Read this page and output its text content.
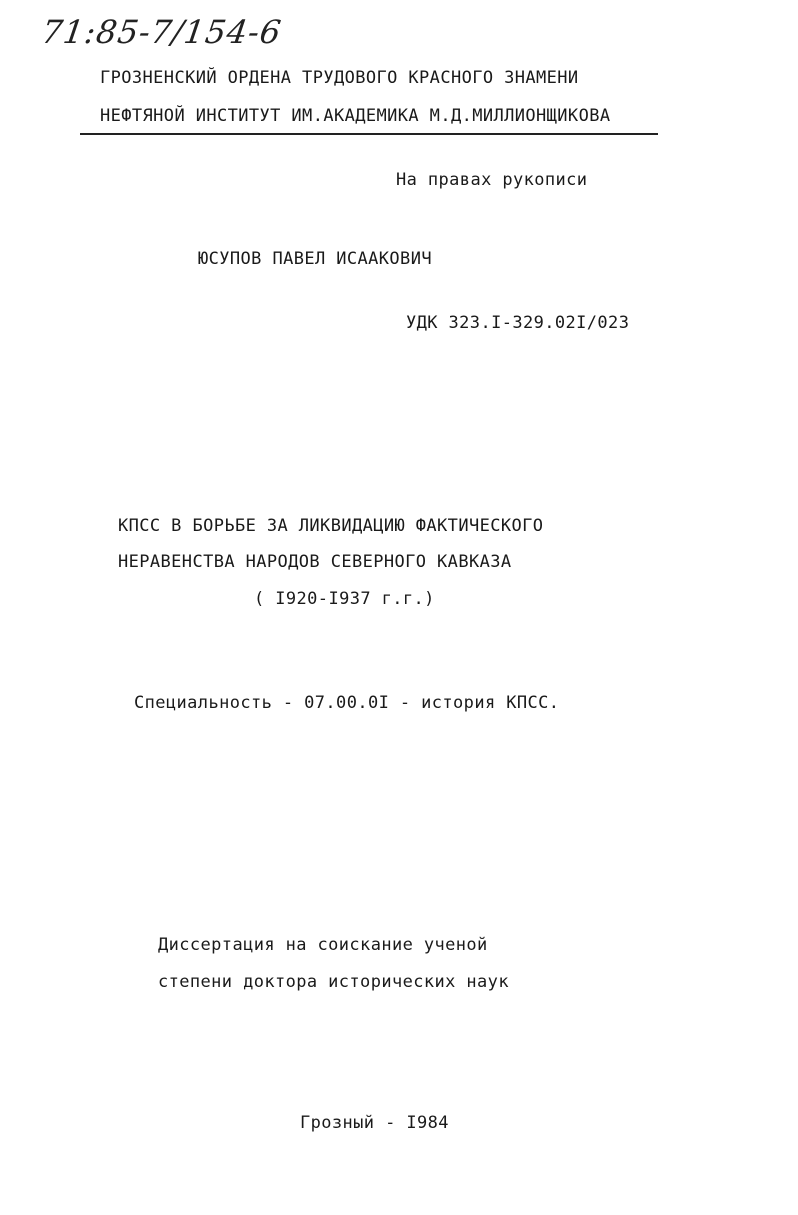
71:85-7/154-6
ГРОЗНЕНСКИЙ ОРДЕНА ТРУДОВОГО КРАСНОГО ЗНАМЕНИ
НЕФТЯНОЙ ИНСТИТУТ ИМ.АКАДЕМИКА М.Д.МИЛЛИОНЩИКОВА
На правах рукописи
ЮСУПОВ ПАВЕЛ ИСААКОВИЧ
УДК 323.I-329.02I/023
КПСС В БОРЬБЕ ЗА ЛИКВИДАЦИЮ ФАКТИЧЕСКОГО
НЕРАВЕНСТВА НАРОДОВ СЕВЕРНОГО КАВКАЗА
( I920-I937 г.г.)
Специальность - 07.00.0I - история КПСС.
Диссертация на соискание ученой
степени доктора исторических наук
Грозный - I984
